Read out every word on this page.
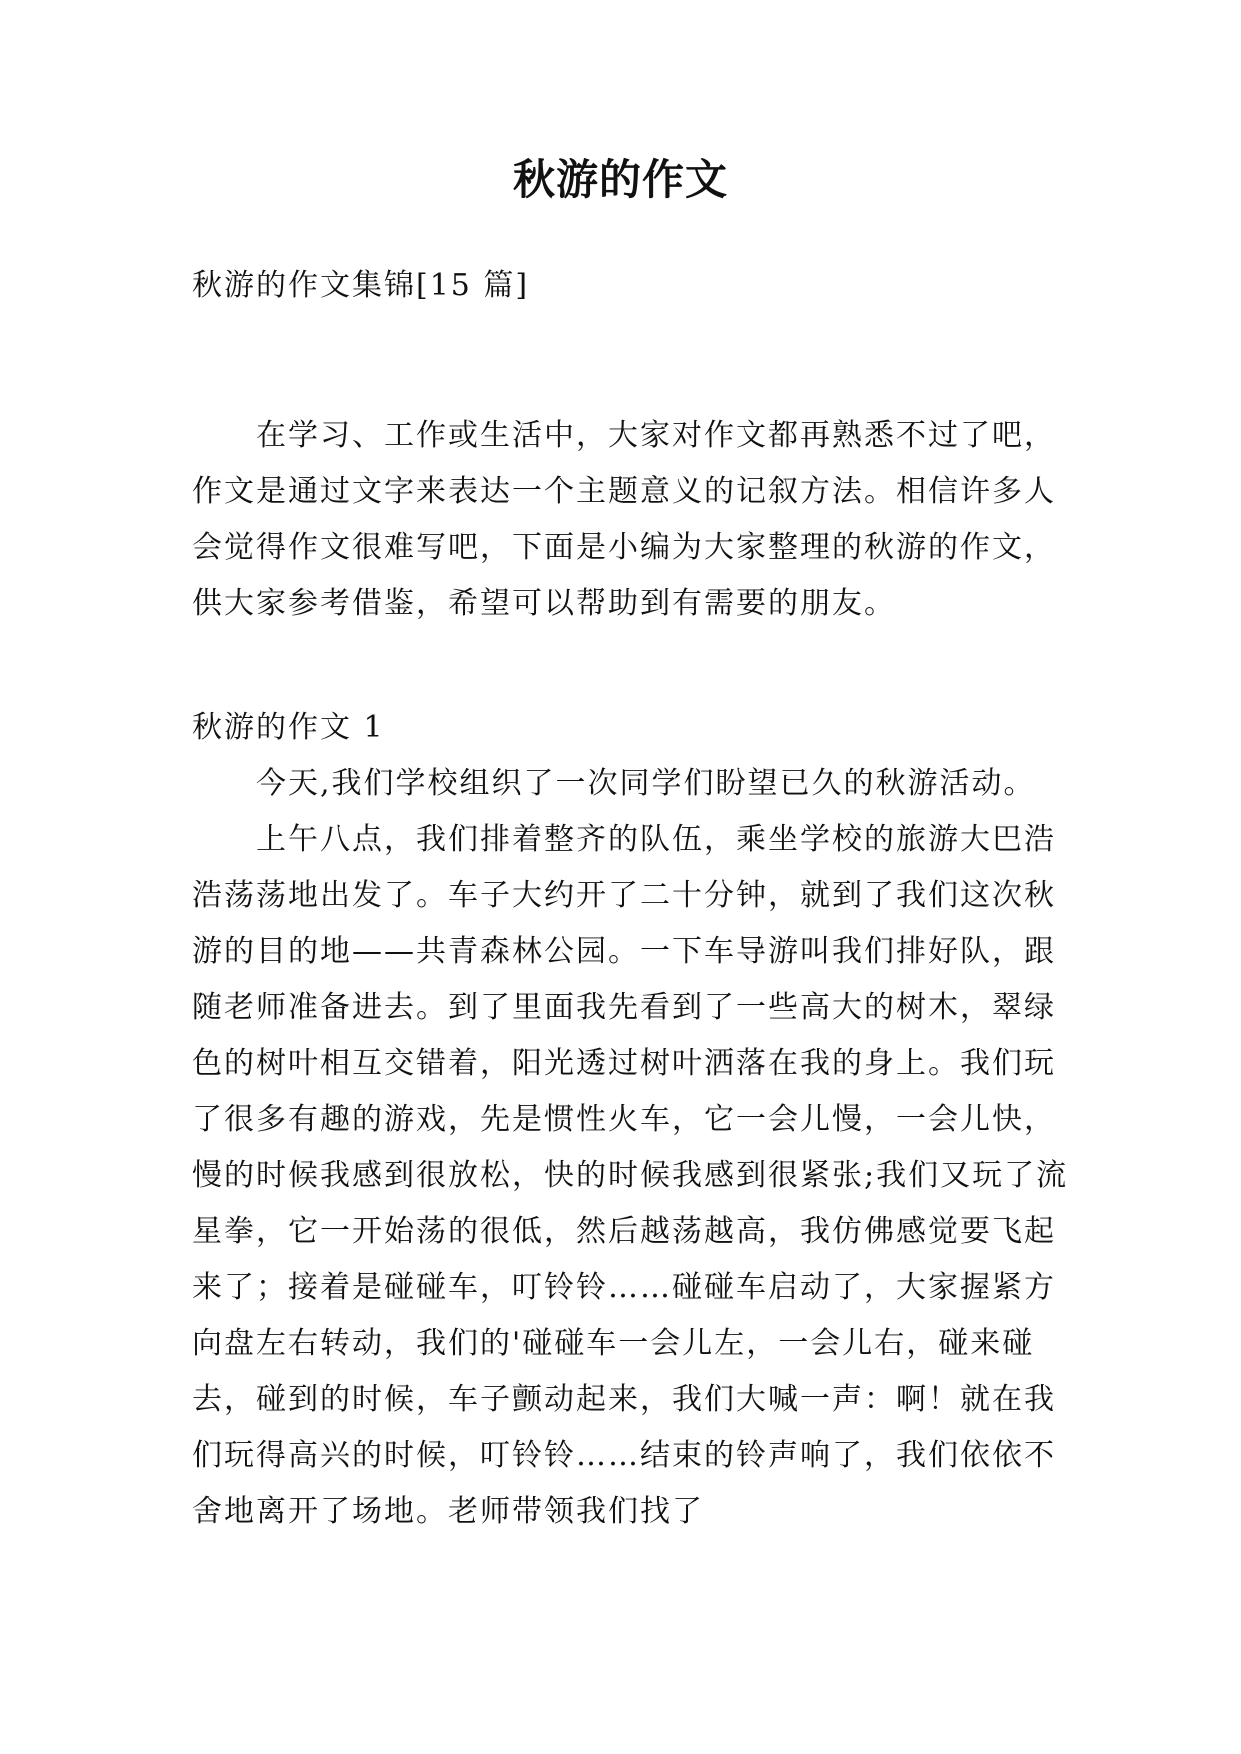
秋游的作文

秋游的作文集锦[15 篇]

在学习、工作或生活中，大家对作文都再熟悉不过了吧，作文是通过文字来表达一个主题意义的记叙方法。相信许多人会觉得作文很难写吧，下面是小编为大家整理的秋游的作文，供大家参考借鉴，希望可以帮助到有需要的朋友。

秋游的作文 1

今天,我们学校组织了一次同学们盼望已久的秋游活动。

上午八点，我们排着整齐的队伍，乘坐学校的旅游大巴浩浩荡荡地出发了。车子大约开了二十分钟，就到了我们这次秋游的目的地——共青森林公园。一下车导游叫我们排好队，跟随老师准备进去。到了里面我先看到了一些高大的树木，翠绿色的树叶相互交错着，阳光透过树叶洒落在我的身上。我们玩了很多有趣的游戏，先是惯性火车，它一会儿慢，一会儿快，慢的时候我感到很放松，快的时候我感到很紧张;我们又玩了流星拳，它一开始荡的很低，然后越荡越高，我仿佛感觉要飞起来了；接着是碰碰车，叮铃铃……碰碰车启动了，大家握紧方向盘左右转动，我们的'碰碰车一会儿左，一会儿右，碰来碰去，碰到的时候，车子颤动起来，我们大喊一声：啊！就在我们玩得高兴的时候，叮铃铃……结束的铃声响了，我们依依不舍地离开了场地。老师带领我们找了
